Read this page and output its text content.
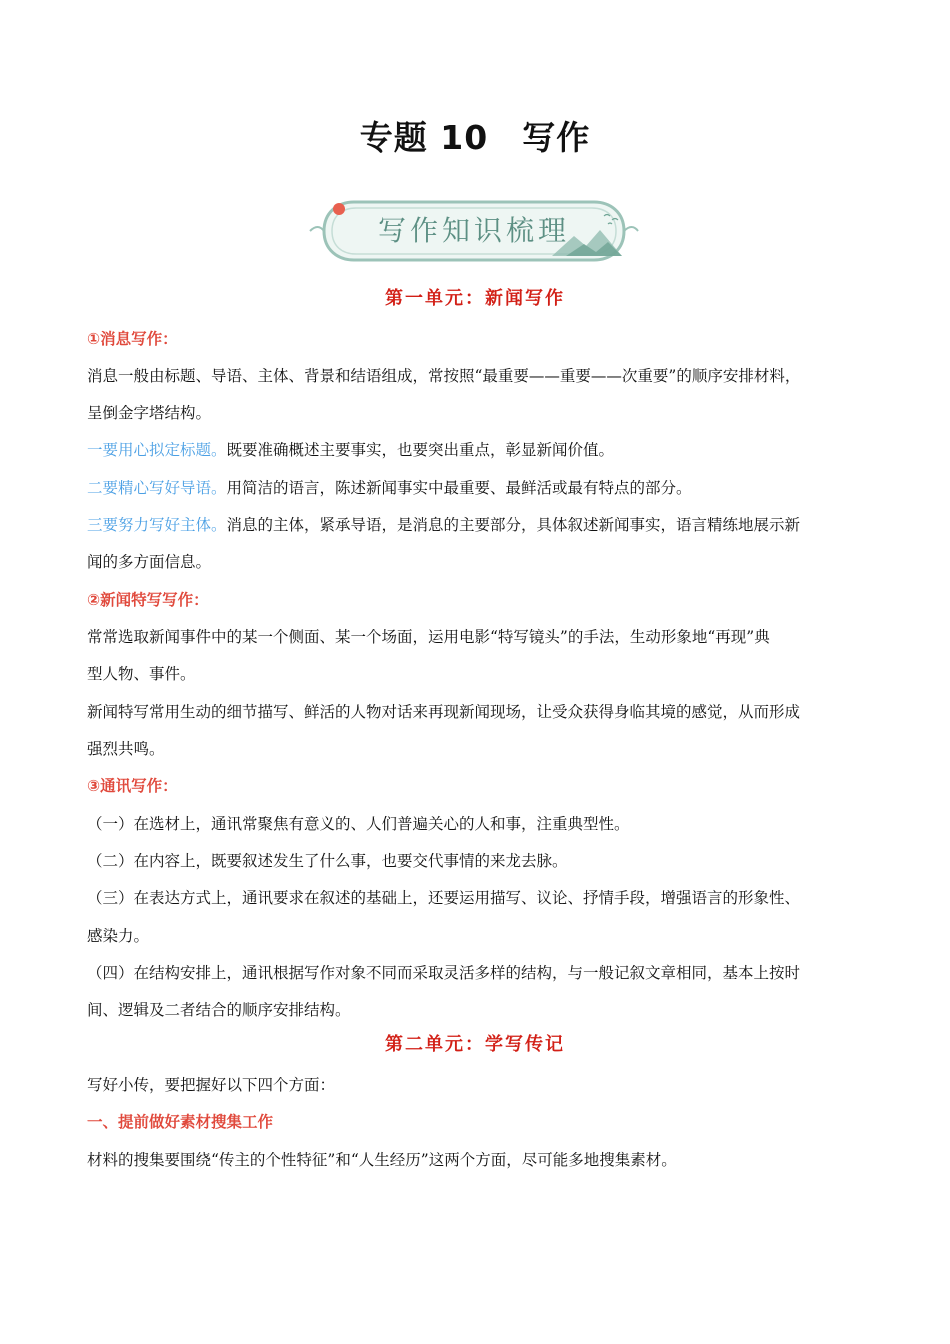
专题 10　写作
写作知识梳理
第一单元：新闻写作
①消息写作：
消息一般由标题、导语、主体、背景和结语组成，常按照“最重要——重要——次重要”的顺序安排材料，
呈倒金字塔结构。
一要用心拟定标题。既要准确概述主要事实，也要突出重点，彰显新闻价值。
二要精心写好导语。用简洁的语言，陈述新闻事实中最重要、最鲜活或最有特点的部分。
三要努力写好主体。消息的主体，紧承导语，是消息的主要部分，具体叙述新闻事实，语言精练地展示新
闻的多方面信息。
②新闻特写写作：
常常选取新闻事件中的某一个侧面、某一个场面，运用电影“特写镜头”的手法，生动形象地“再现”典
型人物、事件。
新闻特写常用生动的细节描写、鲜活的人物对话来再现新闻现场，让受众获得身临其境的感觉，从而形成
强烈共鸣。
③通讯写作：
（一）在选材上，通讯常聚焦有意义的、人们普遍关心的人和事，注重典型性。
（二）在内容上，既要叙述发生了什么事，也要交代事情的来龙去脉。
（三）在表达方式上，通讯要求在叙述的基础上，还要运用描写、议论、抒情手段，增强语言的形象性、
感染力。
（四）在结构安排上，通讯根据写作对象不同而采取灵活多样的结构，与一般记叙文章相同，基本上按时
间、逻辑及二者结合的顺序安排结构。
第二单元：学写传记
写好小传，要把握好以下四个方面：
一、提前做好素材搜集工作
材料的搜集要围绕“传主的个性特征”和“人生经历”这两个方面，尽可能多地搜集素材。
